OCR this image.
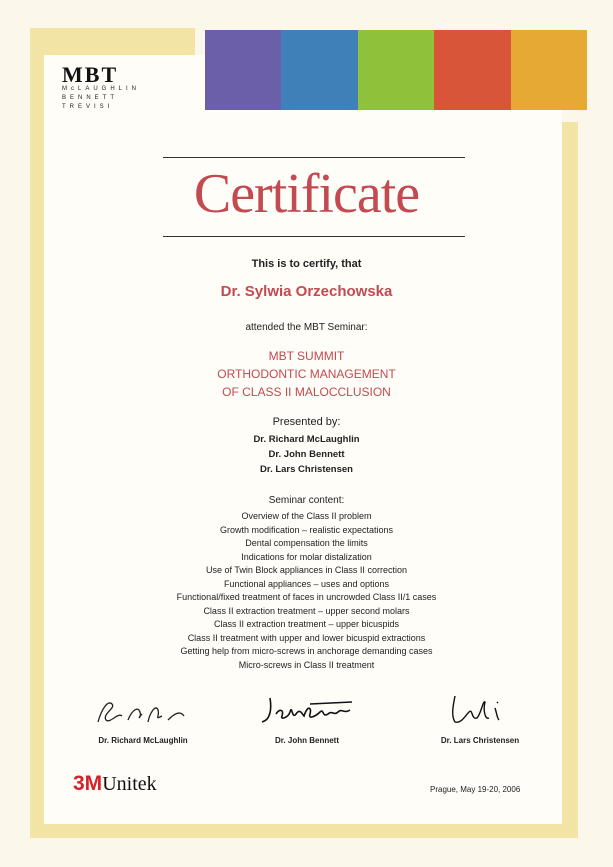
MBT
McLAUGHLIN
BENNETT
TREVISI
Certificate
This is to certify, that
Dr. Sylwia Orzechowska
attended the MBT Seminar:
MBT SUMMIT
ORTHODONTIC MANAGEMENT
OF CLASS II MALOCCLUSION
Presented by:
Dr. Richard McLaughlin
Dr. John Bennett
Dr. Lars Christensen
Seminar content:
Overview of the Class II problem
Growth modification – realistic expectations
Dental compensation the limits
Indications for molar distalization
Use of Twin Block appliances in Class II correction
Functional appliances – uses and options
Functional/fixed treatment of faces in uncrowded Class II/1 cases
Class II extraction treatment – upper second molars
Class II extraction treatment – upper bicuspids
Class II treatment with upper and lower bicuspid extractions
Getting help from micro-screws in anchorage demanding cases
Micro-screws in Class II treatment
Dr. Richard McLaughlin	Dr. John Bennett	Dr. Lars Christensen
3MUnitek	Prague, May 19-20, 2006
